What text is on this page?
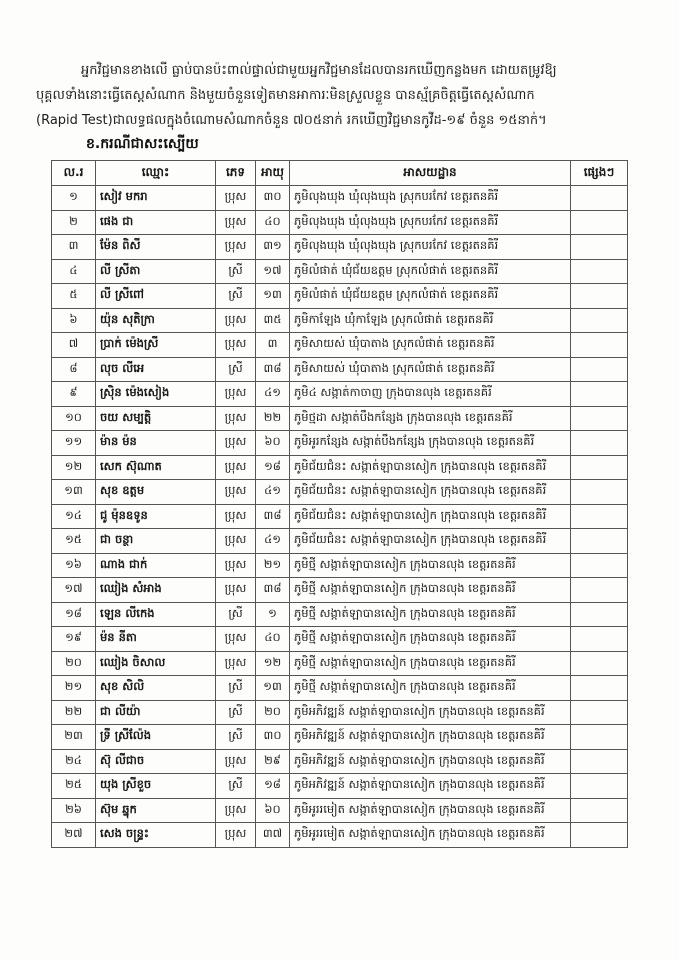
អ្នកវិជ្ជមានខាងលើ ធ្លាប់បានប៉ះពាល់ផ្ទាល់ជាមួយអ្នកវិជ្ជមានដែលបានរកឃើញកន្លងមក ដោយតម្រូវឱ្យ

បុគ្គលទាំងនោះធ្វើតេស្តសំណាក និងមួយចំនួនទៀតមានអាការៈមិនស្រួលខ្លួន បានស្ម័គ្រចិត្តធ្វើតេស្តសំណាក

(Rapid Test)ជាលទ្ធផលក្នុងចំណោមសំណាកចំនួន ៧០៥នាក់ រកឃើញវិជ្ជមានកូវីដ-១៩ ចំនួន ១៥នាក់។

ខ.ករណីជាសះស្បើយ
ល.រ	ឈ្មោះ	ភេទ	អាយុ	អាសយដ្ឋាន	ផ្សេងៗ
១	សៀវ មករា	ប្រុស	៣០	ភូមិលុងឃុង ឃុំលុងឃុង ស្រុកបរកែវ ខេត្តរតនគិរី	
២	ផេង ជា	ប្រុស	៤០	ភូមិលុងឃុង ឃុំលុងឃុង ស្រុកបរកែវ ខេត្តរតនគិរី	
៣	ម៉ែន ពិសី	ប្រុស	៣១	ភូមិលុងឃុង ឃុំលុងឃុង ស្រុកបរកែវ ខេត្តរតនគិរី	
៤	លី ស្រីតា	ស្រី	១៧	ភូមិលំផាត់ ឃុំជ័យឧត្តម ស្រុកលំផាត់ ខេត្តរតនគិរី	
៥	លី ស្រីពៅ	ស្រី	១៣	ភូមិលំផាត់ ឃុំជ័យឧត្តម ស្រុកលំផាត់ ខេត្តរតនគិរី	
៦	យ៉ុន សុតិក្រា	ប្រុស	៣៥	ភូមិកាឡែង ឃុំកាឡែង ស្រុកលំផាត់ ខេត្តរតនគិរី	
៧	ប្រាក់ ម៉េងស្រី	ប្រុស	៣	ភូមិសាយស់ ឃុំបាតាង ស្រុកលំផាត់ ខេត្តរតនគិរី	
៨	លុច លីអេ	ស្រី	៣៨	ភូមិសាយស់ ឃុំបាតាង ស្រុកលំផាត់ ខេត្តរតនគិរី	
៩	ស្រ៊ិន ម៉េងសៀង	ប្រុស	៤១	ភូមិ៤ សង្កាត់កាចាញ ក្រុងបានលុង ខេត្តរតនគិរី	
១០	ចយ សម្បត្តិ	ប្រុស	២២	ភូមិថ្មដា សង្កាត់បឹងកន្សែង ក្រុងបានលុង ខេត្តរតនគិរី	
១១	ម៉ាន ម៉ន	ប្រុស	៦០	ភូមិអូរកន្សែង សង្កាត់បឹងកន្សែង ក្រុងបានលុង ខេត្តរតនគិរី	
១២	សេក ស៊ុណាត	ប្រុស	១៨	ភូមិជ័យជំនះ សង្កាត់ឡាបានសៀក ក្រុងបានលុង ខេត្តរតនគិរី	
១៣	សុខ ឧត្តម	ប្រុស	៤១	ភូមិជ័យជំនះ សង្កាត់ឡាបានសៀក ក្រុងបានលុង ខេត្តរតនគិរី	
១៤	ជូ ម៉ុនឧទូន	ប្រុស	៣៨	ភូមិជ័យជំនះ សង្កាត់ឡាបានសៀក ក្រុងបានលុង ខេត្តរតនគិរី	
១៥	ជា ចន្ថា	ប្រុស	៤១	ភូមិជ័យជំនះ សង្កាត់ឡាបានសៀក ក្រុងបានលុង ខេត្តរតនគិរី	
១៦	ណាង ជាក់	ប្រុស	២១	ភូមិថ្មី សង្កាត់ឡាបានសៀក ក្រុងបានលុង ខេត្តរតនគិរី	
១៧	ឈៀង សំអាង	ប្រុស	៣៨	ភូមិថ្មី សង្កាត់ឡាបានសៀក ក្រុងបានលុង ខេត្តរតនគិរី	
១៨	ឡេន លីកេង	ស្រី	១	ភូមិថ្មី សង្កាត់ឡាបានសៀក ក្រុងបានលុង ខេត្តរតនគិរី	
១៩	ម៉ន នីតា	ប្រុស	៤០	ភូមិថ្មី សង្កាត់ឡាបានសៀក ក្រុងបានលុង ខេត្តរតនគិរី	
២០	ឈៀង ចិសាល	ប្រុស	១២	ភូមិថ្មី សង្កាត់ឡាបានសៀក ក្រុងបានលុង ខេត្តរតនគិរី	
២១	សុខ សិលិ	ស្រី	១៣	ភូមិថ្មី សង្កាត់ឡាបានសៀក ក្រុងបានលុង ខេត្តរតនគិរី	
២២	ជា លីយ៉ា	ស្រី	២០	ភូមិអភិវឌ្ឍន៍ សង្កាត់ឡាបានសៀក ក្រុងបានលុង ខេត្តរតនគិរី	
២៣	ទ្រី ស្រីល៉ែង	ស្រី	៣០	ភូមិអភិវឌ្ឍន៍ សង្កាត់ឡាបានសៀក ក្រុងបានលុង ខេត្តរតនគិរី	
២៤	ស៊ុ លីជាច	ប្រុស	២៩	ភូមិអភិវឌ្ឍន៍ សង្កាត់ឡាបានសៀក ក្រុងបានលុង ខេត្តរតនគិរី	
២៥	យុង ស្រីខួច	ស្រី	១៨	ភូមិអភិវឌ្ឍន៍ សង្កាត់ឡាបានសៀក ក្រុងបានលុង ខេត្តរតនគិរី	
២៦	ស៊ុម ឆ្នុក	ប្រុស	៦០	ភូមិអូររមៀត សង្កាត់ឡាបានសៀក ក្រុងបានលុង ខេត្តរតនគិរី	
២៧	សេង ចន្ទ្រះ	ប្រុស	៣៧	ភូមិអូររមៀត សង្កាត់ឡាបានសៀក ក្រុងបានលុង ខេត្តរតនគិរី	
